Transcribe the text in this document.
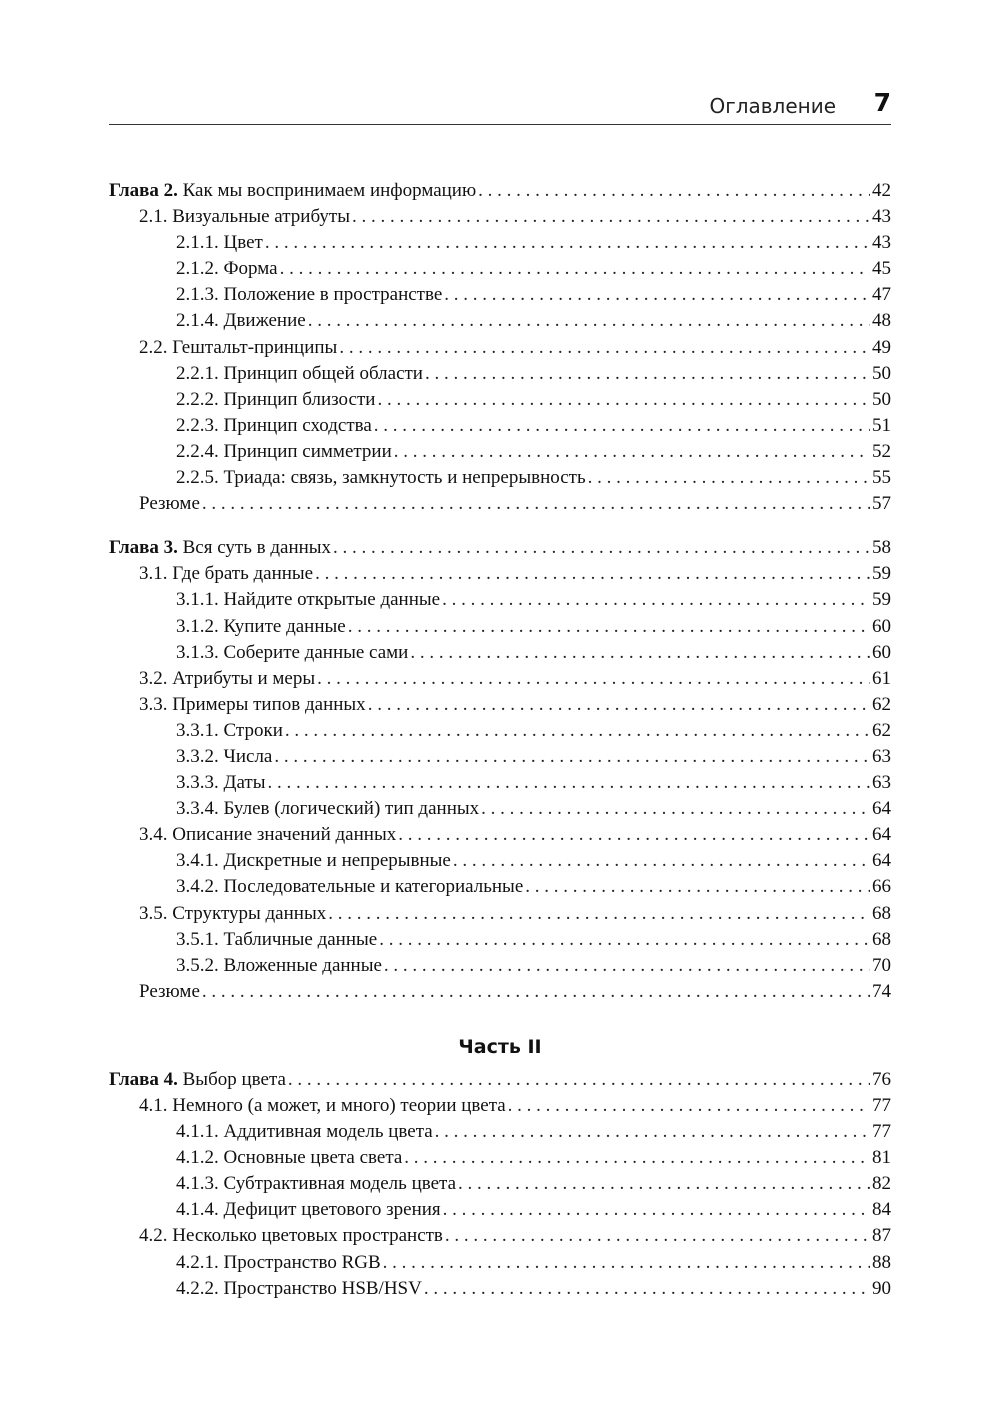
Оглавление 7
Глава 2. Как мы воспринимаем информацию . . .	42
2.1. Визуальные атрибуты . . .	43
2.1.1. Цвет . . .	43
2.1.2. Форма . . .	45
2.1.3. Положение в пространстве . . .	47
2.1.4. Движение . . .	48
2.2. Гештальт-принципы . . .	49
2.2.1. Принцип общей области . . .	50
2.2.2. Принцип близости . . .	50
2.2.3. Принцип сходства . . .	51
2.2.4. Принцип симметрии . . .	52
2.2.5. Триада: связь, замкнутость и непрерывность . . .	55
Резюме . . .	57
Глава 3. Вся суть в данных . . .	58
3.1. Где брать данные . . .	59
3.1.1. Найдите открытые данные . . .	59
3.1.2. Купите данные . . .	60
3.1.3. Соберите данные сами . . .	60
3.2. Атрибуты и меры . . .	61
3.3. Примеры типов данных . . .	62
3.3.1. Строки . . .	62
3.3.2. Числа . . .	63
3.3.3. Даты . . .	63
3.3.4. Булев (логический) тип данных . . .	64
3.4. Описание значений данных . . .	64
3.4.1. Дискретные и непрерывные . . .	64
3.4.2. Последовательные и категориальные . . .	66
3.5. Структуры данных . . .	68
3.5.1. Табличные данные . . .	68
3.5.2. Вложенные данные . . .	70
Резюме . . .	74
Часть II
Глава 4. Выбор цвета . . .	76
4.1. Немного (а может, и много) теории цвета . . .	77
4.1.1. Аддитивная модель цвета . . .	77
4.1.2. Основные цвета света . . .	81
4.1.3. Субтрактивная модель цвета . . .	82
4.1.4. Дефицит цветового зрения . . .	84
4.2. Несколько цветовых пространств . . .	87
4.2.1. Пространство RGB . . .	88
4.2.2. Пространство HSB/HSV . . .	90
